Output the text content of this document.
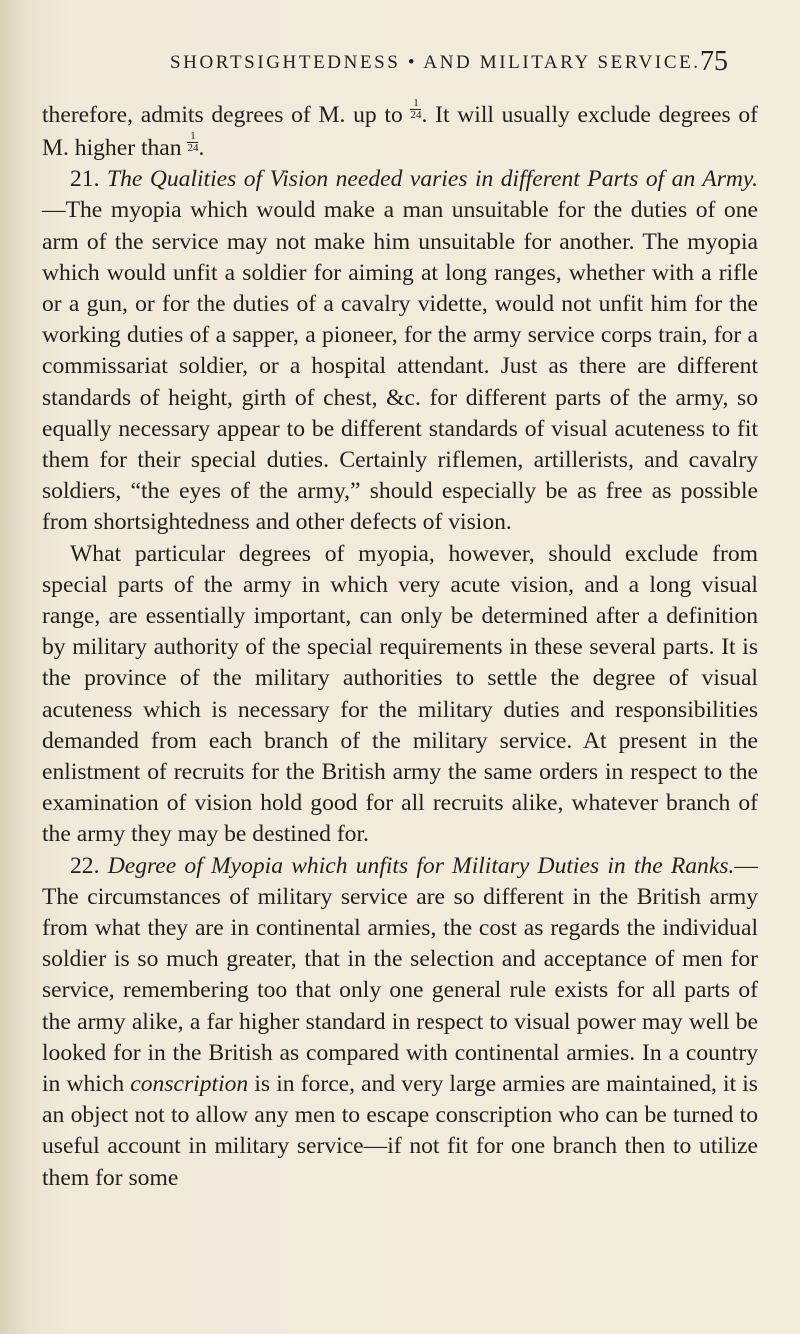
SHORTSIGHTEDNESS • AND MILITARY SERVICE. 75

therefore, admits degrees of M. up to $\frac{1}{24}$ . It will usually exclude degrees of M. higher than $\frac{1}{24}$ .

21. The Qualities of Vision needed varies in different Parts of an Army.—The myopia which would make a man unsuitable for the duties of one arm of the service may not make him unsuitable for another. The myopia which would unfit a soldier for aiming at long ranges, whether with a rifle or a gun, or for the duties of a cavalry vidette, would not unfit him for the working duties of a sapper, a pioneer, for the army service corps train, for a commissariat soldier, or a hospital attendant. Just as there are different standards of height, girth of chest, &c. for different parts of the army, so equally necessary appear to be different standards of visual acuteness to fit them for their special duties. Certainly riflemen, artillerists, and cavalry soldiers, “the eyes of the army,” should especially be as free as possible from shortsightedness and other defects of vision.

What particular degrees of myopia, however, should exclude from special parts of the army in which very acute vision, and a long visual range, are essentially important, can only be determined after a definition by military authority of the special requirements in these several parts. It is the province of the military authorities to settle the degree of visual acuteness which is necessary for the military duties and responsibilities demanded from each branch of the military service. At present in the enlistment of recruits for the British army the same orders in respect to the examination of vision hold good for all recruits alike, whatever branch of the army they may be destined for.

22. Degree of Myopia which unfits for Military Duties in the Ranks.—The circumstances of military service are so different in the British army from what they are in continental armies, the cost as regards the individual soldier is so much greater, that in the selection and acceptance of men for service, remembering too that only one general rule exists for all parts of the army alike, a far higher standard in respect to visual power may well be looked for in the British as compared with continental armies. In a country in which conscription is in force, and very large armies are maintained, it is an object not to allow any men to escape conscription who can be turned to useful account in military service—if not fit for one branch then to utilize them for some
